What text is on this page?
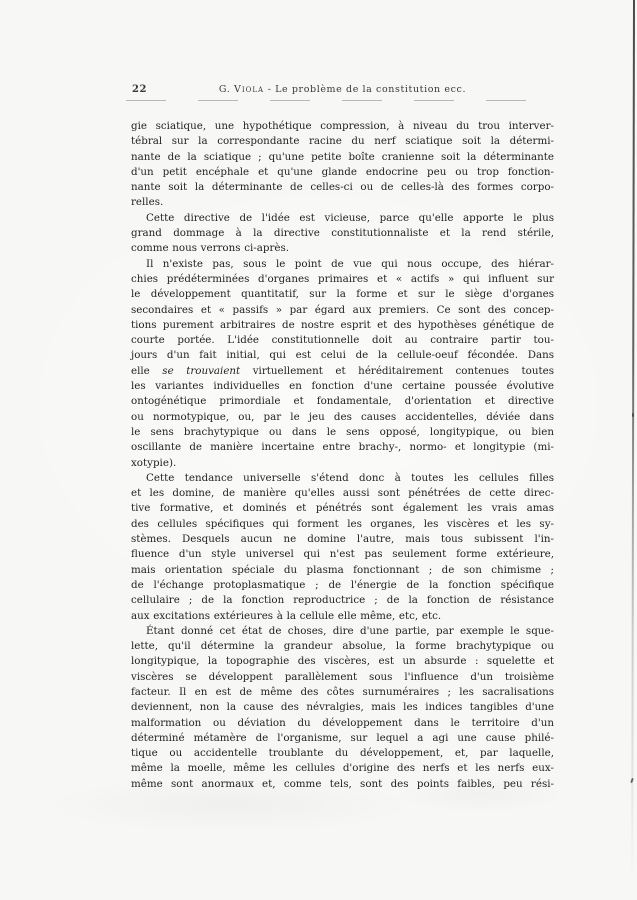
22	G. Viola - Le problème de la constitution ecc.
gie sciatique, une hypothétique compression, à niveau du trou interver-
tébral sur la correspondante racine du nerf sciatique soit la détermi-
nante de la sciatique ; qu'une petite boîte cranienne soit la déterminante
d'un petit encéphale et qu'une glande endocrine peu ou trop fonction-
nante soit la déterminante de celles-ci ou de celles-là des formes corpo-
relles.
Cette directive de l'idée est vicieuse, parce qu'elle apporte le plus
grand dommage à la directive constitutionnaliste et la rend stérile,
comme nous verrons ci-après.
Il n'existe pas, sous le point de vue qui nous occupe, des hiérar-
chies prédéterminées d'organes primaires et « actifs » qui influent sur
le développement quantitatif, sur la forme et sur le siège d'organes
secondaires et « passifs » par égard aux premiers. Ce sont des concep-
tions purement arbitraires de nostre esprit et des hypothèses génétique de
courte portée. L'idée constitutionnelle doit au contraire partir tou-
jours d'un fait initial, qui est celui de la cellule-oeuf fécondée. Dans
elle se trouvaient virtuellement et héréditairement contenues toutes
les variantes individuelles en fonction d'une certaine poussée évolutive
ontogénétique primordiale et fondamentale, d'orientation et directive
ou normotypique, ou, par le jeu des causes accidentelles, déviée dans
le sens brachytypique ou dans le sens opposé, longitypique, ou bien
oscillante de manière incertaine entre brachy-, normo- et longitypie (mi-
xotypie).
Cette tendance universelle s'étend donc à toutes les cellules filles
et les domine, de manière qu'elles aussi sont pénétrées de cette direc-
tive formative, et dominés et pénétrés sont également les vrais amas
des cellules spécifiques qui forment les organes, les viscères et les sy-
stèmes. Desquels aucun ne domine l'autre, mais tous subissent l'in-
fluence d'un style universel qui n'est pas seulement forme extérieure,
mais orientation spéciale du plasma fonctionnant ; de son chimisme ;
de l'échange protoplasmatique ; de l'énergie de la fonction spécifique
cellulaire ; de la fonction reproductrice ; de la fonction de résistance
aux excitations extérieures à la cellule elle même, etc, etc.
Étant donné cet état de choses, dire d'une partie, par exemple le sque-
lette, qu'il détermine la grandeur absolue, la forme brachytypique ou
longitypique, la topographie des viscères, est un absurde : squelette et
viscères se développent parallèlement sous l'influence d'un troisième
facteur. Il en est de même des côtes surnuméraires ; les sacralisations
deviennent, non la cause des névralgies, mais les indices tangibles d'une
malformation ou déviation du développement dans le territoire d'un
déterminé métamère de l'organisme, sur lequel a agi une cause philé-
tique ou accidentelle troublante du développement, et, par laquelle,
même la moelle, même les cellules d'origine des nerfs et les nerfs eux-
même sont anormaux et, comme tels, sont des points faibles, peu rési-
